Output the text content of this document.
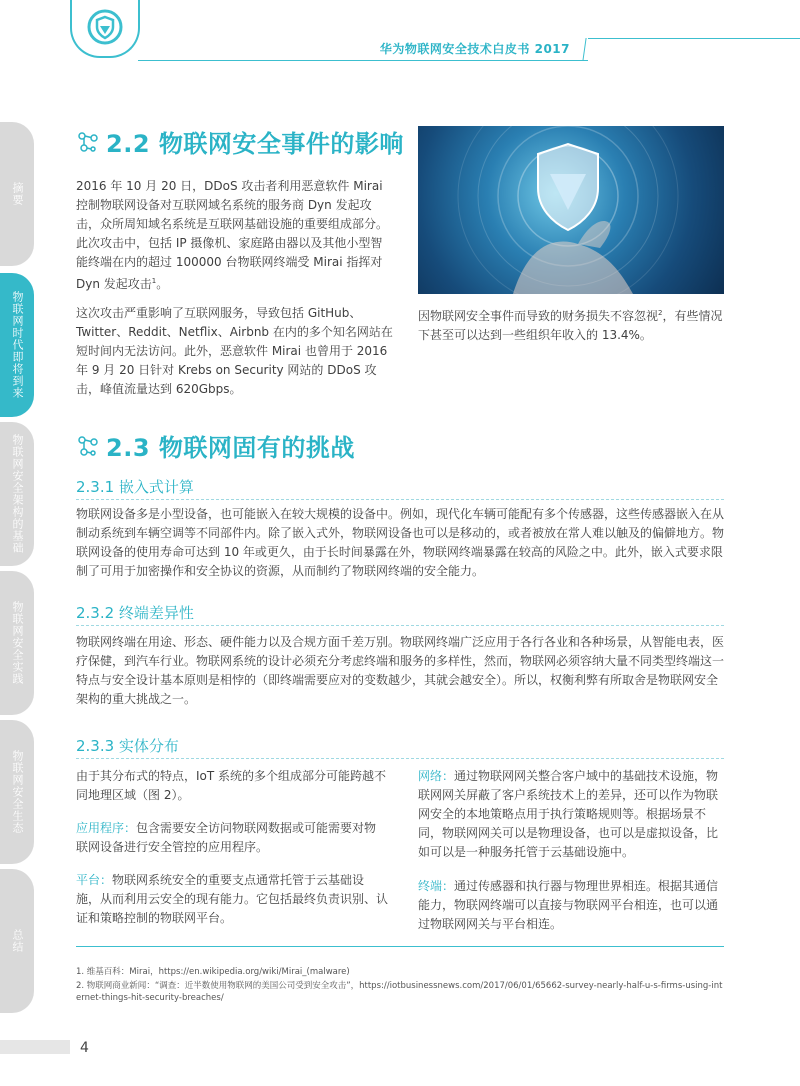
华为物联网安全技术白皮书 2017
摘要
物联网时代即将到来
物联网安全架构的基础
物联网安全实践
物联网安全生态
总结
2.2 物联网安全事件的影响

2016 年 10 月 20 日，DDoS 攻击者利用恶意软件 Mirai 控制物联网设备对互联网域名系统的服务商 Dyn 发起攻击，众所周知域名系统是互联网基础设施的重要组成部分。此次攻击中，包括 IP 摄像机、家庭路由器以及其他小型智能终端在内的超过 100000 台物联网终端受 Mirai 指挥对 Dyn 发起攻击$^1$。

这次攻击严重影响了互联网服务，导致包括 GitHub、Twitter、Reddit、Netflix、Airbnb 在内的多个知名网站在短时间内无法访问。此外，恶意软件 Mirai 也曾用于 2016 年 9 月 20 日针对 Krebs on Security 网站的 DDoS 攻击，峰值流量达到 620Gbps。

因物联网安全事件而导致的财务损失不容忽视$^2$，有些情况下甚至可以达到一些组织年收入的 13.4%。

2.3 物联网固有的挑战
2.3.1 嵌入式计算

物联网设备多是小型设备，也可能嵌入在较大规模的设备中。例如，现代化车辆可能配有多个传感器，这些传感器嵌入在从制动系统到车辆空调等不同部件内。除了嵌入式外，物联网设备也可以是移动的，或者被放在常人难以触及的偏僻地方。物联网设备的使用寿命可达到 10 年或更久，由于长时间暴露在外，物联网终端暴露在较高的风险之中。此外，嵌入式要求限制了可用于加密操作和安全协议的资源，从而制约了物联网终端的安全能力。

2.3.2 终端差异性

物联网终端在用途、形态、硬件能力以及合规方面千差万别。物联网终端广泛应用于各行各业和各种场景，从智能电表，医疗保健，到汽车行业。物联网系统的设计必须充分考虑终端和服务的多样性，然而，物联网必须容纳大量不同类型终端这一特点与安全设计基本原则是相悖的（即终端需要应对的变数越少，其就会越安全）。所以，权衡利弊有所取舍是物联网安全架构的重大挑战之一。

2.3.3 实体分布

由于其分布式的特点，IoT 系统的多个组成部分可能跨越不同地理区域（图 2）。

应用程序：包含需要安全访问物联网数据或可能需要对物联网设备进行安全管控的应用程序。

平台：物联网系统安全的重要支点通常托管于云基础设施，从而利用云安全的现有能力。它包括最终负责识别、认证和策略控制的物联网平台。

网络：通过物联网网关整合客户域中的基础技术设施，物联网网关屏蔽了客户系统技术上的差异，还可以作为物联网安全的本地策略点用于执行策略规则等。根据场景不同，物联网网关可以是物理设备，也可以是虚拟设备，比如可以是一种服务托管于云基础设施中。

终端：通过传感器和执行器与物理世界相连。根据其通信能力，物联网终端可以直接与物联网平台相连，也可以通过物联网网关与平台相连。

1. 维基百科：Mirai，https://en.wikipedia.org/wiki/Mirai_(malware)
2. 物联网商业新闻：“调查：近半数使用物联网的美国公司受到安全攻击”，https://iotbusinessnews.com/2017/06/01/65662-survey-nearly-half-u-s-firms-using-internet-things-hit-security-breaches/
4
